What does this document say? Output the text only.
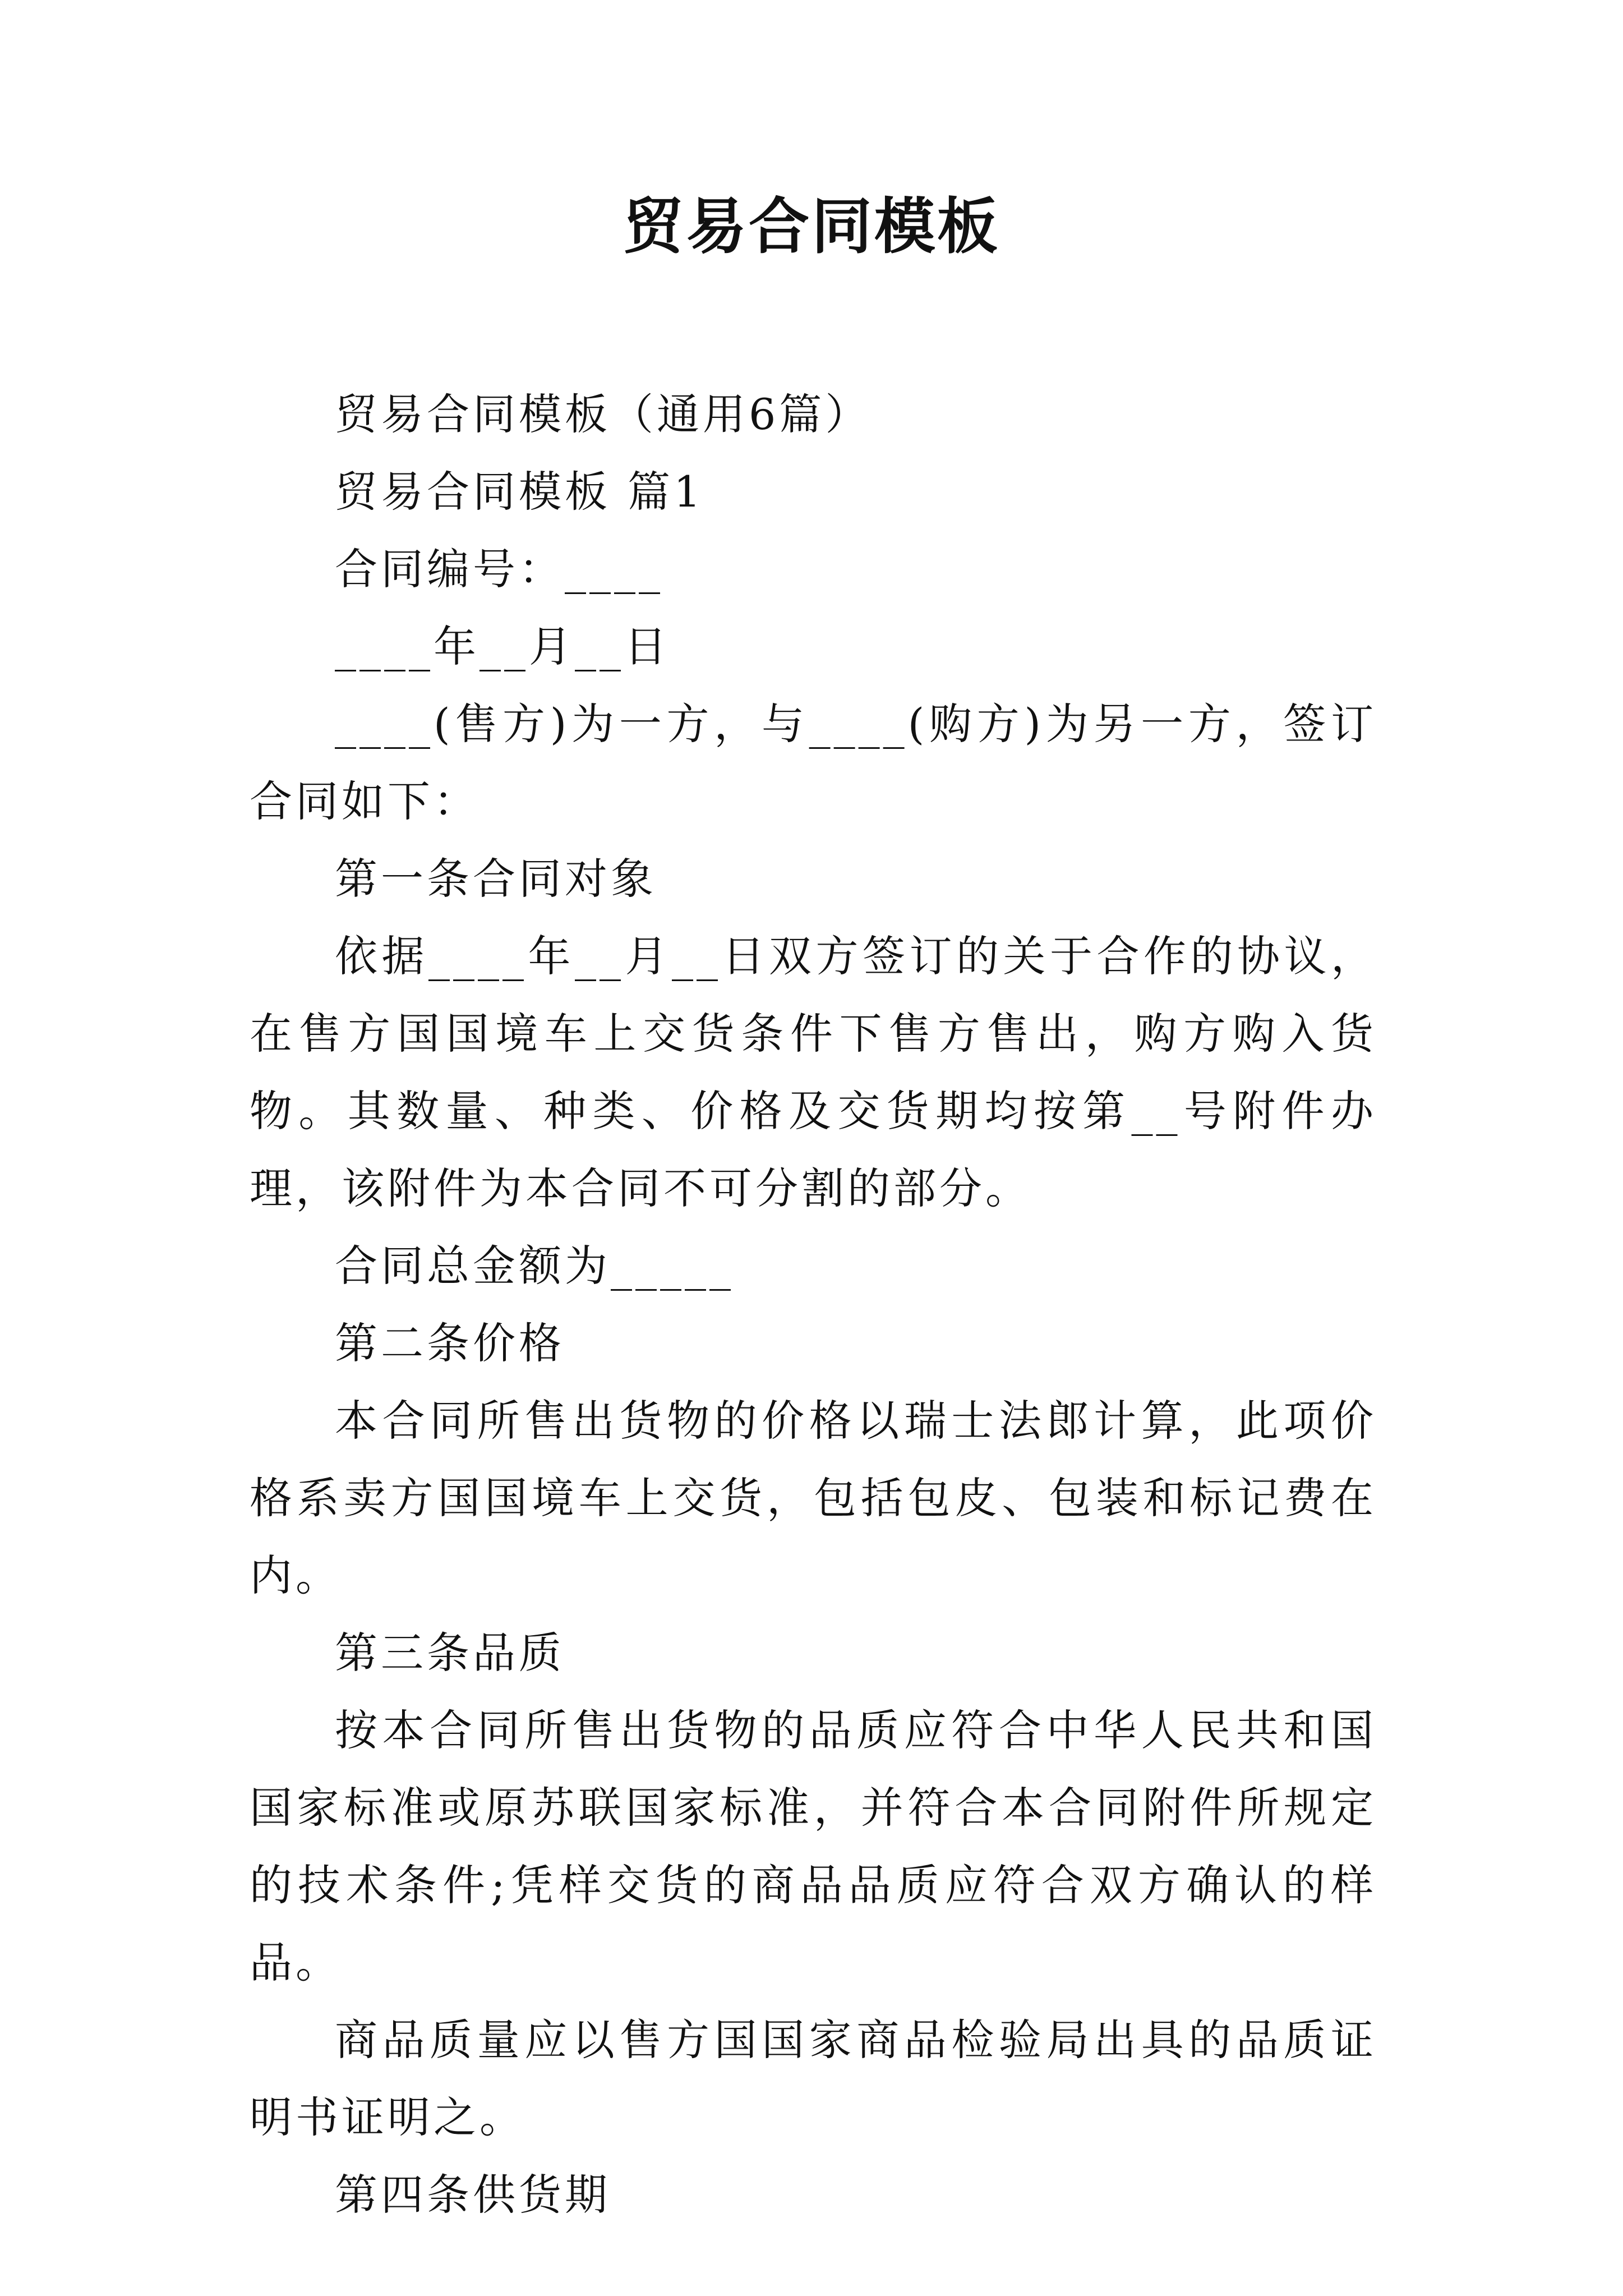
贸易合同模板

贸易合同模板（通用6篇）

贸易合同模板 篇1

合同编号：____

____年__月__日

____(售方)为一方，与____(购方)为另一方，签订合同如下：

第一条合同对象

依据____年__月__日双方签订的关于合作的协议，在售方国国境车上交货条件下售方售出，购方购入货物。其数量、种类、价格及交货期均按第__号附件办理，该附件为本合同不可分割的部分。

合同总金额为_____

第二条价格

本合同所售出货物的价格以瑞士法郎计算，此项价格系卖方国国境车上交货，包括包皮、包装和标记费在内。

第三条品质

按本合同所售出货物的品质应符合中华人民共和国国家标准或原苏联国家标准，并符合本合同附件所规定的技术条件;凭样交货的商品品质应符合双方确认的样品。

商品质量应以售方国国家商品检验局出具的品质证明书证明之。

第四条供货期
